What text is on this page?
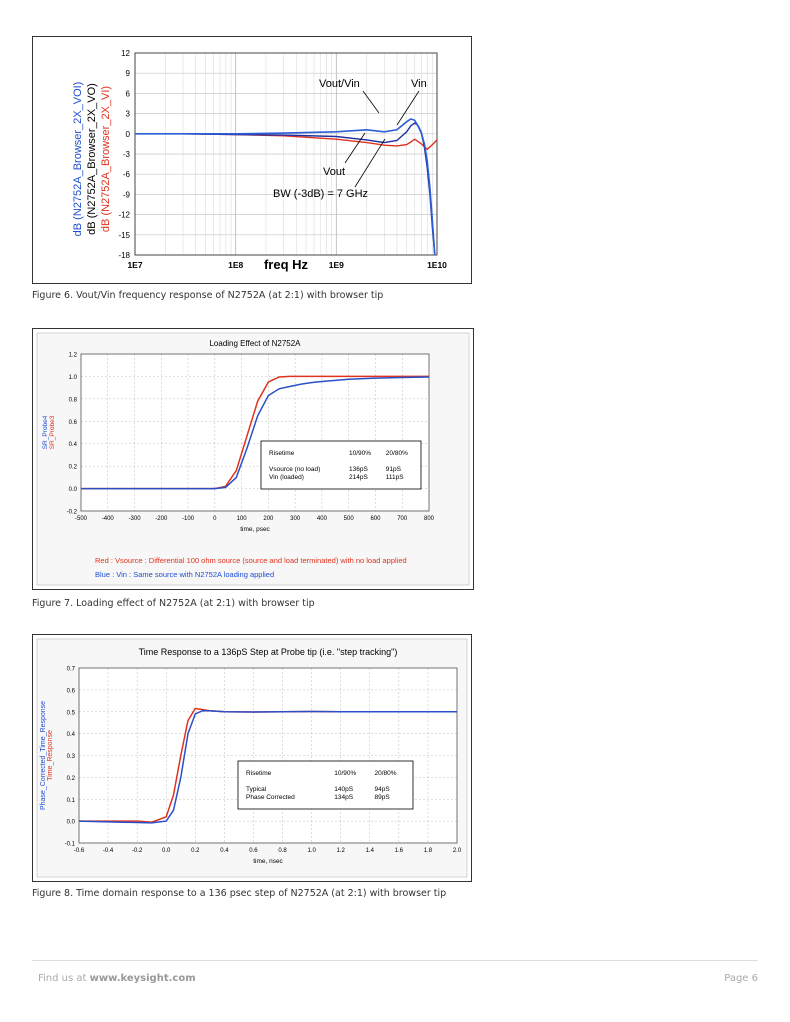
12
9
6
3
0
-3
-6
-9
-12
-15
-18
1E7	1E8	1E9	1E10
freq Hz
dB (N2752A_Browser_2X_VOI) dB (N2752A_Browser_2X_VO) dB (N2752A_Browser_2X_VI)
Vout/Vin	Vin
Vout
BW (-3dB) = 7 GHz
Figure 6. Vout/Vin frequency response of N2752A (at 2:1) with browser tip
Loading Effect of N2752A
-0.2
0.0
0.2
0.4
0.6
0.8
1.0
1.2
-500 -400 -300 -200 -100	0	100	200	300	400	500	600	700	800
time, psec
SR_Probe4 SR_Probe3
Risetime	10/90% 20/80%
Vsource (no load)	136pS	91pS
Vin (loaded)	214pS	111pS
Red : Vsource : Differential 100 ohm source (source and load terminated) with no load applied
Blue : Vin : Same source with N2752A loading applied
Figure 7. Loading effect of N2752A (at 2:1) with browser tip
Time Response to a 136pS Step at Probe tip (i.e. "step tracking")
-0.1
0.0
0.1
0.2
0.3
0.4
0.5
0.6
0.7
-0.6	-0.4	-0.2	0.0	0.2	0.4	0.6	0.8	1.0	1.2	1.4	1.6	1.8	2.0
time, nsec
Phase_Corrected_Time_Response Time_Response	Risetime	10/90%	20/80%
Typical	140pS	94pS
Phase Corrected	134pS	89pS
Figure 8. Time domain response to a 136 psec step of N2752A (at 2:1) with browser tip
Find us at www.keysight.com	Page 6
